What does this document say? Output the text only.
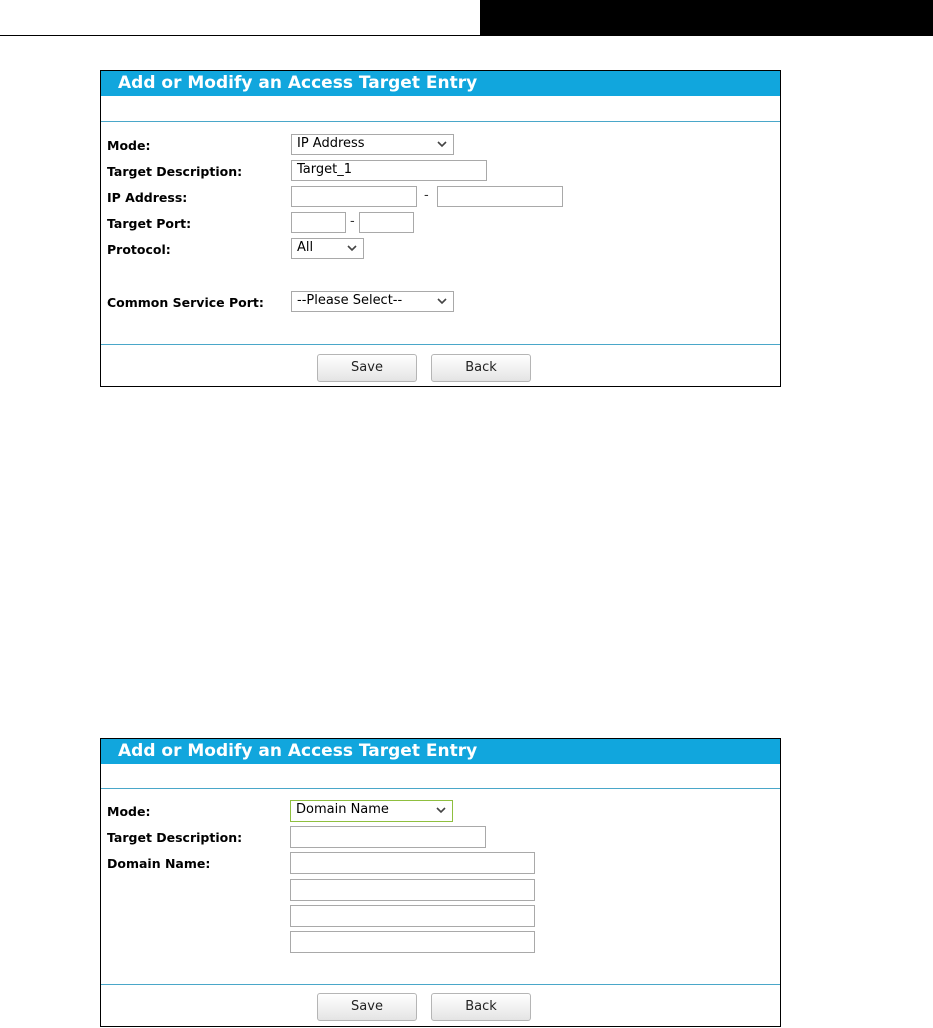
Add or Modify an Access Target Entry
Mode:	IP Address
Target Description:	Target_1
IP Address:	-
Target Port:	-
Protocol:	All
Common Service Port:	--Please Select--
Save	Back
Add or Modify an Access Target Entry
Mode:	Domain Name
Target Description:
Domain Name:
Save	Back
